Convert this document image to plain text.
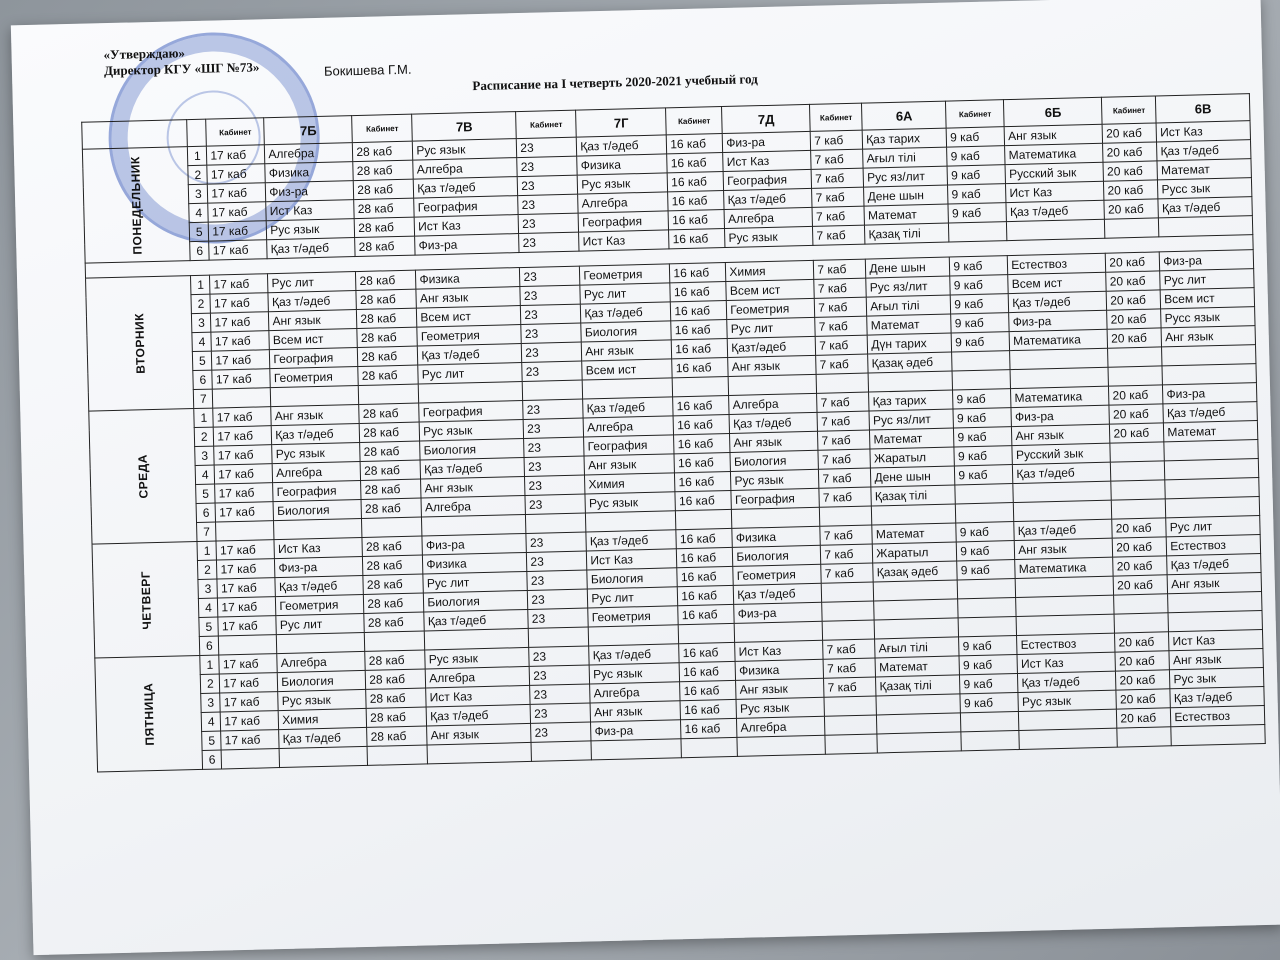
«Утверждаю»
Директор КГУ «ШГ №73»	Бокишева Г.М.
Расписание на I четверть 2020-2021 учебный год
		Кабинет	7Б	Кабинет	7В	Кабинет	7Г	Кабинет	7Д	Кабинет	6А	Кабинет	6Б	Кабинет	6В
ПОНЕДЕЛЬНИК	1	17 каб	Алгебра	28 каб	Рус язык	23	Қаз т/әдеб	16 каб	Физ-ра	7 каб	Қаз тарих	9 каб	Анг язык	20 каб	Ист Каз
	2	17 каб	Физика	28 каб	Алгебра	23	Физика	16 каб	Ист Каз	7 каб	Ағыл тілі	9 каб	Математика	20 каб	Қаз т/әдеб
	3	17 каб	Физ-ра	28 каб	Қаз т/әдеб	23	Рус язык	16 каб	География	7 каб	Рус яз/лит	9 каб	Русский зык	20 каб	Математ
	4	17 каб	Ист Каз	28 каб	География	23	Алгебра	16 каб	Қаз т/әдеб	7 каб	Дене шын	9 каб	Ист Каз	20 каб	Русс зык
	5	17 каб	Рус язык	28 каб	Ист Каз	23	География	16 каб	Алгебра	7 каб	Математ	9 каб	Қаз т/әдеб	20 каб	Қаз т/әдеб
	6	17 каб	Қаз т/әдеб	28 каб	Физ-ра	23	Ист Каз	16 каб	Рус язык	7 каб	Қазақ тілі				

ВТОРНИК	1	17 каб	Рус лит	28 каб	Физика	23	Геометрия	16 каб	Химия	7 каб	Дене шын	9 каб	Естествоз	20 каб	Физ-ра
	2	17 каб	Қаз т/әдеб	28 каб	Анг язык	23	Рус лит	16 каб	Всем ист	7 каб	Рус яз/лит	9 каб	Всем ист	20 каб	Рус лит
	3	17 каб	Анг язык	28 каб	Всем ист	23	Қаз т/әдеб	16 каб	Геометрия	7 каб	Ағыл тілі	9 каб	Қаз т/әдеб	20 каб	Всем ист
	4	17 каб	Всем ист	28 каб	Геометрия	23	Биология	16 каб	Рус лит	7 каб	Математ	9 каб	Физ-ра	20 каб	Русс язык
	5	17 каб	География	28 каб	Қаз т/әдеб	23	Анг язык	16 каб	Қазт/әдеб	7 каб	Дүн тарих	9 каб	Математика	20 каб	Анг язык
	6	17 каб	Геометрия	28 каб	Рус лит	23	Всем ист	16 каб	Анг язык	7 каб	Қазақ әдеб				
	7														
СРЕДА	1	17 каб	Анг язык	28 каб	География	23	Қаз т/әдеб	16 каб	Алгебра	7 каб	Қаз тарих	9 каб	Математика	20 каб	Физ-ра
	2	17 каб	Қаз т/әдеб	28 каб	Рус язык	23	Алгебра	16 каб	Қаз т/әдеб	7 каб	Рус яз/лит	9 каб	Физ-ра	20 каб	Қаз т/әдеб
	3	17 каб	Рус язык	28 каб	Биология	23	География	16 каб	Анг язык	7 каб	Математ	9 каб	Анг язык	20 каб	Математ
	4	17 каб	Алгебра	28 каб	Қаз т/әдеб	23	Анг язык	16 каб	Биология	7 каб	Жаратыл	9 каб	Русский зык		
	5	17 каб	География	28 каб	Анг язык	23	Химия	16 каб	Рус язык	7 каб	Дене шын	9 каб	Қаз т/әдеб		
	6	17 каб	Биология	28 каб	Алгебра	23	Рус язык	16 каб	География	7 каб	Қазақ тілі				
	7														
ЧЕТВЕРГ	1	17 каб	Ист Каз	28 каб	Физ-ра	23	Қаз т/әдеб	16 каб	Физика	7 каб	Математ	9 каб	Қаз т/әдеб	20 каб	Рус лит
	2	17 каб	Физ-ра	28 каб	Физика	23	Ист Каз	16 каб	Биология	7 каб	Жаратыл	9 каб	Анг язык	20 каб	Естествоз
	3	17 каб	Қаз т/әдеб	28 каб	Рус лит	23	Биология	16 каб	Геометрия	7 каб	Қазақ әдеб	9 каб	Математика	20 каб	Қаз т/әдеб
	4	17 каб	Геометрия	28 каб	Биология	23	Рус лит	16 каб	Қаз т/әдеб					20 каб	Анг язык
	5	17 каб	Рус лит	28 каб	Қаз т/әдеб	23	Геометрия	16 каб	Физ-ра						
	6														
ПЯТНИЦА	1	17 каб	Алгебра	28 каб	Рус язык	23	Қаз т/әдеб	16 каб	Ист Каз	7 каб	Ағыл тілі	9 каб	Естествоз	20 каб	Ист Каз
	2	17 каб	Биология	28 каб	Алгебра	23	Рус язык	16 каб	Физика	7 каб	Математ	9 каб	Ист Каз	20 каб	Анг язык
	3	17 каб	Рус язык	28 каб	Ист Каз	23	Алгебра	16 каб	Анг язык	7 каб	Қазақ тілі	9 каб	Қаз т/әдеб	20 каб	Рус зык
	4	17 каб	Химия	28 каб	Қаз т/әдеб	23	Анг язык	16 каб	Рус язык			9 каб	Рус язык	20 каб	Қаз т/әдеб
	5	17 каб	Қаз т/әдеб	28 каб	Анг язык	23	Физ-ра	16 каб	Алгебра					20 каб	Естествоз
	6														
